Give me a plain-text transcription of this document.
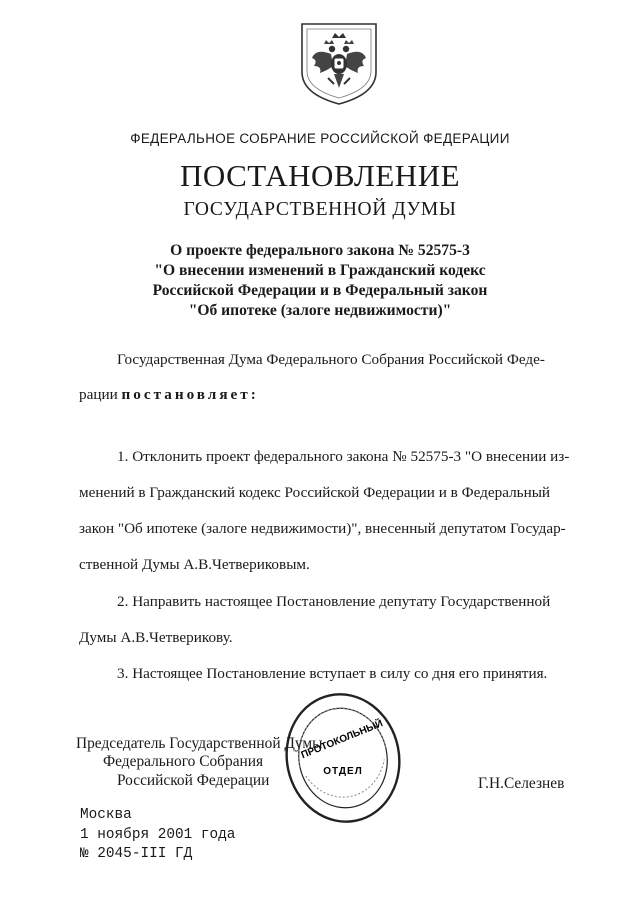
ФЕДЕРАЛЬНОЕ СОБРАНИЕ РОССИЙСКОЙ ФЕДЕРАЦИИ
ПОСТАНОВЛЕНИЕ
ГОСУДАРСТВЕННОЙ ДУМЫ
О проекте федерального закона № 52575-3
"О внесении изменений в Гражданский кодекс
Российской Федерации и в Федеральный закон
"Об ипотеке (залоге недвижимости)"
Государственная Дума Федерального Собрания Российской Феде-
рации постановляет:
1. Отклонить проект федерального закона № 52575-3 "О внесении из-
менений в Гражданский кодекс Российской Федерации и в Федеральный
закон "Об ипотеке (залоге недвижимости)", внесенный депутатом Государ-
ственной Думы А.В.Четвериковым.
2. Направить настоящее Постановление депутату Государственной
Думы А.В.Четверикову.
3. Настоящее Постановление вступает в силу со дня его принятия.
ПРОТОКОЛЬНЫЙ
ОТДЕЛ
Председатель Государственной Думы
Федерального Собрания
Российской Федерации	Г.Н.Селезнев
Москва
1 ноября 2001 года
№ 2045-III ГД
